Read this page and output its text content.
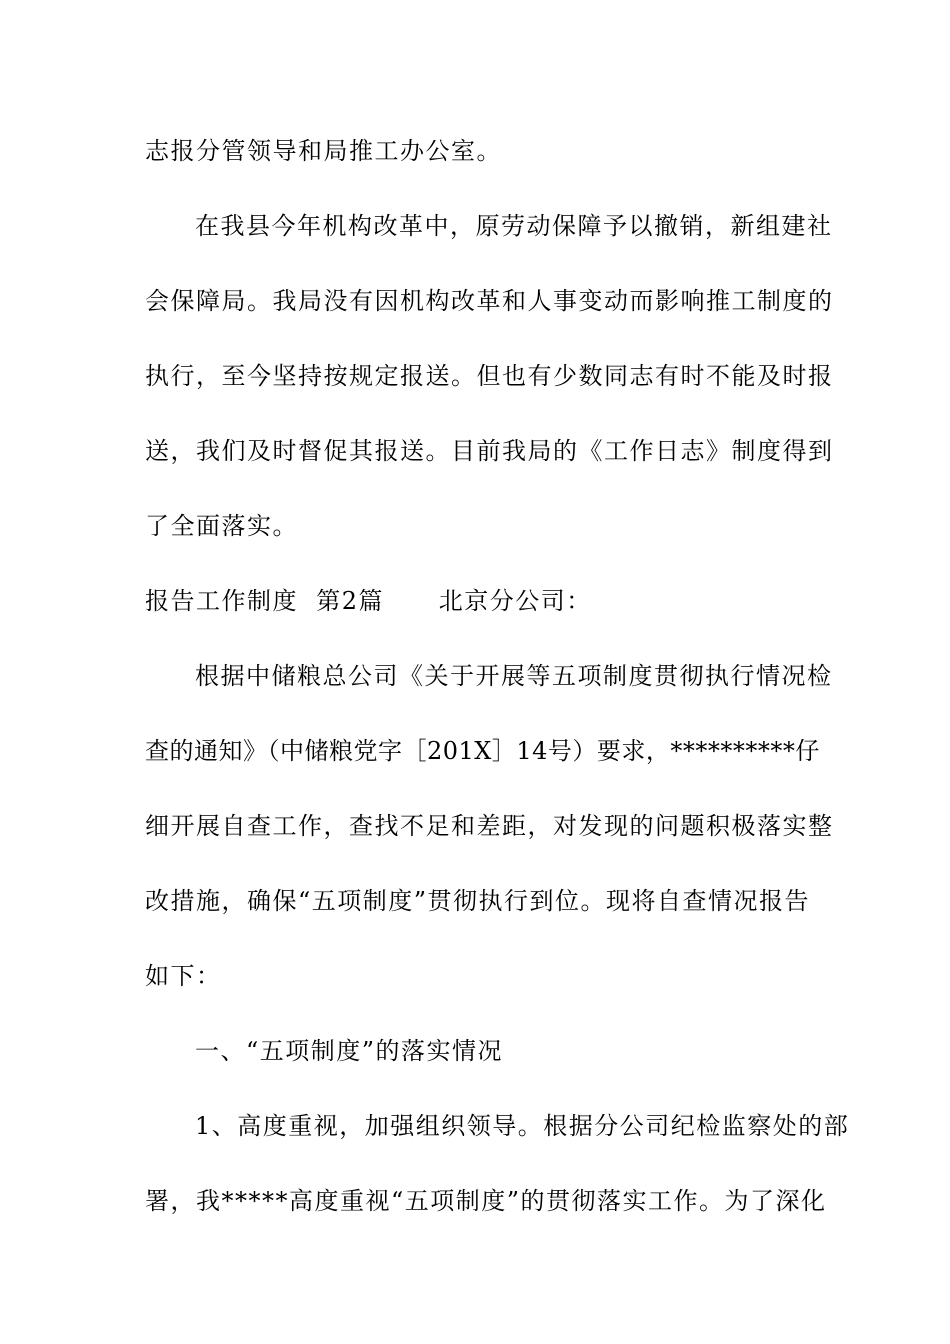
志报分管领导和局推工办公室。
在我县今年机构改革中，原劳动保障予以撤销，新组建社
会保障局。我局没有因机构改革和人事变动而影响推工制度的
执行，至今坚持按规定报送。但也有少数同志有时不能及时报
送，我们及时督促其报送。目前我局的《工作日志》制度得到
了全面落实。
报告工作制度  第2篇      北京分公司：
根据中储粮总公司《关于开展等五项制度贯彻执行情况检
查的通知》（中储粮党字［201X］14号）要求，**********仔
细开展自查工作，查找不足和差距，对发现的问题积极落实整
改措施，确保“五项制度”贯彻执行到位。现将自查情况报告
如下：
一、“五项制度”的落实情况
1、高度重视，加强组织领导。根据分公司纪检监察处的部
署，我*****高度重视“五项制度”的贯彻落实工作。为了深化
